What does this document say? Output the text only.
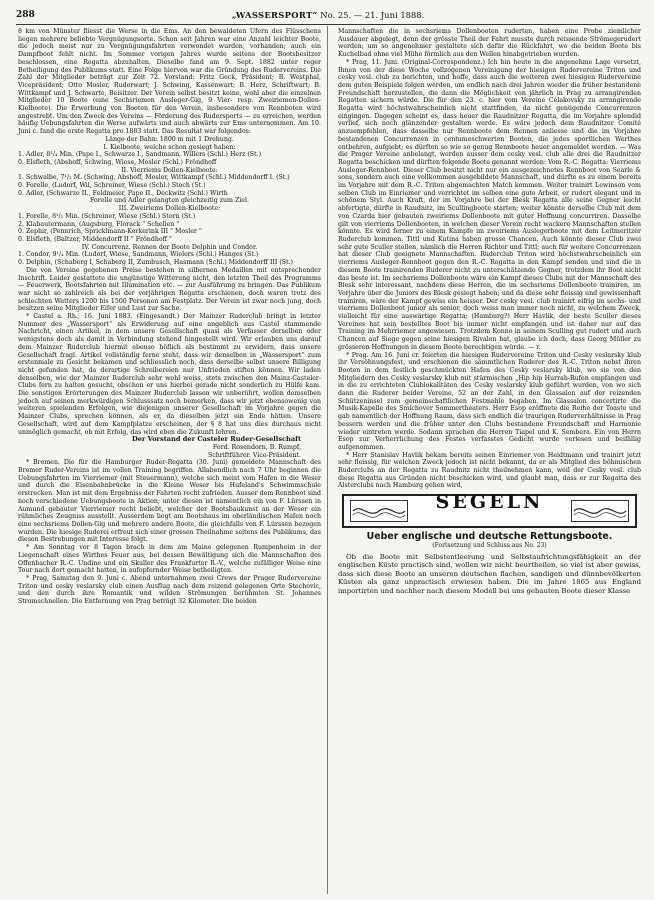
288	„WASSERSPORT“ No. 25. — 21. Juni 1888.

8 km von Münster fliesst die Werse in die Ems. An den bewaldeten Ufern des Flüsschens liegen mehrere beliebte Vergnügungsorte. Schon seit Jahren war eine Anzahl leichter Boote, die jedoch meist nur zu Vergnügungsfahrten verwendet wurden, vorhanden; auch ein Dampfboot fehlt nicht. Im Sommer vorigen Jahres wurde seitens der Bootsbesitzer beschlossen, eine Regatta abzuhalten. Dieselbe fand am 9. Sept. 1882 unter reger Betheiligung des Publikums statt. Eine Folge hiervon war die Gründung des Rudervereins. Die Zahl der Mitglieder beträgt zur Zeit 72. Vorstand: Fritz Geck, Präsident; B. Westphal, Vicepräsident; Otto Mosler, Ruderwart; J. Schwing, Kassenwart; B. Herz, Schriftwart; B. Wittkampf und J. Schwarte, Beisitzer. Der Verein selbst besitzt keine, wohl aber die einzelnen Mitglieder 10 Boote (eine Sechsriemen Ausleger-Gig, 9 Vier- resp. Zweiriemen-Dollen-Kielboote). Die Erwerbung von Booten für den Verein, insbesondere von Rennboten wird angestrebt. Um den Zweck des Vereins — Förderung des Rudersports — zu erreichen, werden häufig Uebungsfahrten die Werse aufwärts und auch abwärts zur Ems unternommen. Am 10. Juni c. fand die erste Regatta pro 1883 statt. Das Resultat war folgendes:

Länge der Bahn: 1800 m mit 1 Drehung.

I. Kielboote, welche schon gesiegt haben:

1. Adler, 8¹/₄ Min. (Pape I., Schwarze I., Sandmann, Willers (Schl.) Herz (St.)

0. Elsfleth, (Abshoff, Schwing, Wiese, Mosler (Schl.) Fröndhoff

II. Vierriems Dollen-Kielboote:

1. Schwalbe, 7¹/₂ M. (Schwing, Abshoff, Mosler, Wittkampf (Schl.) Middendorff I. (St.)

0. Forelle, (Ludorf, Wil, Schreiner, Wiese (Schl.) Stoch (St.)

0. Adler, (Schwarze II., Feldmeier, Pape II., Deckwitz (Schl.) Wirth

Forelle und Adler gelangten gleichzeitig zum Ziel.

III. Zweiriems Dollen-Kielboote:

1. Forelle, 8¹/₂ Min. (Schreiner, Wiese (Schl.) Storn (St.)

2. Klabautermann, (Augsburg, Florack " Schellen "

0. Zephir, (Pennrich, Spricklmann-Kerkerink III " Mosler "

0. Elsfleth, (Baltzer, Middendorff II " Fröndhoff "

IV. Concurrenz. Rennen der Boote Delphin und Condor.

1. Condor, 9¹/₄ Min. (Ludorf, Wiese, Sandmann, Wielers (Schl.) Hanges (St.)

0. Delphin, (Schaberg I, Schaberg II, Zumbusch, Hasmann (Schl.) Middendorff III (St.)

Die von Vereine gegebenen Preise bestehen in silbernen Medaillen mit entsprechender Inschrift. Leider gestattete die ungünstige Witterung nicht, den letzten Theil des Programms — Feuerwerk, Bootsfahrten mit Illumination etc. — zur Ausführung zu bringen. Das Publikum war nicht so zahlreich als bei der vorjährigen Regatta erschienen, doch waren trotz des schlechten Wetters 1200 bis 1500 Personen am Festplatz. Der Verein ist zwar noch jung, doch besitzen seine Mitglieder Eifer und Lust zur Sache.

* Castel a. Rh., 16. Juni 1883. (Eingesandt.) Der Mainzer Ruderclub bringt in letzter Nummer des „Wassersport“ als Erwiderung auf eine angeblich aus Castel stammende Nachricht, einen Artikel, in dem unsere Gesellschaft quasi als Verfasser derselben oder wenigstens doch als damit in Verbindung stehend hingestellt wird. Wir erlauben uns darauf dem Mainzer Ruderclub hiermit ebenso höflich als bestimmt zu erwidern, dass unsere Gesellschaft fragl. Artikel vollständig ferne steht, dass wir denselben in „Wassersport“ zum erstenmale zu Gesicht bekamen und schliesslich noch, dass derselbe selbst unsere Billigung nicht gefunden hat, da derartige Schreibereien nur Unfrieden stiften können. Wir laden denselben, wie der Mainzer Ruderclub sehr wohl weiss, stets zwischen den Mainz-Casteler-Clubs fern zu halten gesucht, obschon er uns hierbei gerade nicht sonderlich zu Hülfe kam. Die sonstigen Erörterungen des Mainzer Ruderclub lassen wir unberührt, wollen demselben jedoch auf seinen merkwürdigen Schlusssatz noch bemerken, dass wir jetzt ebensowenig von weiteren spielenden Erfolgen, wie diejenigen unserer Gesellschaft im Vorjahre gegen die Mainzer Clubs, sprechen können, als er, da dieselben jetzt ein Ende hätten. Unsere Gesellschaft, wird auf dem Kampfplatze erscheinen, der § 8 hat uns dies durchaus nicht unmöglich gemacht, ob mit Erfolg, das wird eben die Zukunft lehren.

Der Vorstand der Casteler Ruder-Gesellschaft

Ferd. Rosendorn, B. Rumpf,

Schriftführer. Vice-Präsident.

* Bremen. Die für die Hamburger Ruder-Regatta (30. Juni) gemeldete Mannschaft des Bremer Ruder-Vereins ist im vollen Training begriffen. Allabendlich nach 7 Uhr beginnen die Uebungsfahrten im Vierriemer (mit Steuermann), welche sich meist vom Hafen in die Weser und durch die Eisenbahnbrücke in die Kleine Weser bis Hufeland's Schwimmschule erstrecken. Man ist mit dem Ergebniss der Fahrten recht zufrieden. Ausser dem Rennboot sind noch verschiedene Uebungsboote in Aktion; unter diesen ist namentlich ein von F. Lürssen in Aumund gebauter Vierriemer recht beliebt, welcher der Bootsbaukunst an der Weser ein rühmliches Zeugniss ausstellt. Ausserdem liegt am Bootshaus im oberländischen Hafen noch eine sechsriems Dollen-Gig und mehrere andere Boote, die gleichfalls von F. Lürssen bezogen wurden. Die hiesige Ruderei erfreut sich einer grossen Theilnahme seitens des Publikums, das diesen Bestrebungen mit Interesse folgt.

* Am Sonntag vor 8 Tagen brach in dem am Maine gelegenen Rumpenheim in der Liegenschaft eines Wirthes Feuer aus, bei dessen Bewältigung sich die Mannschaften des Offenbacher R.-C. Undine und ein Skuller des Frankfurter R.-V., welche zufälliger Weise eine Tour nach dort gemacht hatten, in aufopfernder Weise betheiligten.

* Prag, Samstag den 9. Juni c. Abend unternahmen zwei Crews der Prager Rudervereine Triton und cesky veslarsky club einen Ausflug nach dem reizend gelegenen Orte Stechovic, und den durch ihre Romantik und wilden Strömungen berühmten St. Johannes Stromschnellen. Die Entfernung von Prag beträgt 32 Kilometer. Die beiden

Mannschaften die in sechsriems Dollenbooten ruderten, haben eine Probe ziemlicher Ausdauer abgelegt, denn der grösste Theil der Fahrt musste durch reissende Strömegerudert werden; um so angenehmer gestaltete sich dafür die Rückfahrt, wo die beiden Boote bis Kuchelbad ohne viel Mühe förmlich aus den Wellen hinabgetrieben wurden.

* Prag, 11. Juni. (Original-Correspondenz.) Ich bin heute in die angenehme Lage versetzt, Ihnen von der diese Woche vollzogenen Vereinigung der hiesigen Rudervereine Triton und cesky vesl. club zu berichten, und hoffe, dass auch die weiteren zwei hiesigen Rudervereine dem guten Beispiele folgen werden, um endlich nach drei Jahren wieder die früher bestandene Freundschaft herzustellen, die dann die Möglichkeit von jährlich in Prag zu arrangirenden Regatten sichern würde. Die für den 23. c. hier vom Vereine Célakovsky zu arrangirende Regatta wird höchstwahrscheinlich nicht stattfinden, da nicht genügende Concurrenzen eingingen. Dagegen scheint es, dass heuer die Raudnitzer Regatta, die im Vorjahre splendid verlief, sich noch glänzender gestalten werde. Es wäre jedoch dem Raudnitzer Comité anzuempfehlen, dass dasselbe nur Rennboote dem Rennen anliesse und die im Vorjahre bestandenen Concurrenzen in centumeschwerten Booten, die jedes sportlichen Werthes entbehren, aufgiebt; es dürften so wie so genug Rennboote heuer angemeldet werden. — Was die Prager Vereine anbelangt, werden ausser dem cesky vesl. club alle drei die Raudnitzer Regatta beschicken und dürften folgende Boote genannt werden: Vom R.-C. Regatta: Vierriems Ausleger-Rennboot. Dieser Club besitzt nicht nur ein ausgezeichnetes Rennboot von Searle & sons, sondern auch eine vollkommen ausgebildete Mannschaft, und dürfte es zu einem bereits im Vorjahre mit dem R.-C. Triton abgemachten Match kommen. Weiter trainirt Lewinson vom selben Club im Einriemer und verrichtet im selben eine gute Arbeit, er rudert elegant und in schönem Styl. Auch Kraft, der im Vorjahre bei der Blesk Regatta alle seine Gegner leicht abfertigte, dürfte in Raudnitz, im Scullingboote starten; weiter könnte derselbe Club mit dem von Czarda hier gebauten zweiriems Dollenboote mit guter Hoffnung concurriren. Dasselbe gilt von vierriems Dollenbooten, in welchen dieser Verein recht wackere Mannschaften stellen könnte. Es wird ferner zu einem Kampfe im zweiriems Auslegerboote mit dem Leitmeritzer Ruderclub kommen. Tittl und Kutina haben grosse Chancen. Auch könnte dieser Club zwei sehr gute Sculler stellen, nämlich die Herren Richter und Tittl; auch für weitere Concurrenzen hat dieser Club geeignete Mannschaften. Ruderclub Triton wird höchstwahrscheinlich ein vierriems Ausleger-Rennboot gegen den R.-C. Regatta in den Kampf senden und sind die in diesem Boote trainirenden Ruderer nicht zu unterschätzende Gegner, trotzdem ihr Boot nicht das beste ist. Im sechsriems Dollenboote wäre ein Kampf dieses Clubs mit der Mannschaft des Blesk sehr interessant, nachdem diese Herren, die im sechsriems Dollenboote trainiren, im Vorjahre über die Juniors des Blesk gesiegt haben; und da diese sehr fleissig und gewissenhaft trainiren, wäre der Kampf gewiss ein heisser. Der cesky vesl. club trainirt eifrig im sechs- und vierriems Dollenboot junior als senior, doch weiss man immer noch nicht, zu welchem Zweck, vielleicht für eine auswärtige Regatta; (Hamburg?) Herr Havlik, der beste Sculler dieses Vereines hat sein bestelltes Boot bis immer nicht empfangen und ist daher nur auf das Training im Mehrriemer angewiesen. Trotzdem Konno in seinem Sculling gut rudert und auch Chancen auf Siege gegen seine hiesigen Rivalen hat, glaube ich doch, dass Georg Müller zu grösseren Hoffnungen in diesem Boote berechtigen würde. — r.

* Prag. Am 16. Juni cr. feierten die hiesigen Rudervereine Triton und Cesky veslarsky klub ihr Versöhnungsfest, und erschienen die sämmtlichen Ruderer des R.-C. Triton nebst ihren Booten in dem festlich geschmückten Hafen des Cesky veslarsky klub, wo sie von den Mitgliedern des Cesky veslarsky klub mit stürmischen „Hip hip Hurrah-Rufen empfangen und in die zu errichteten Clublokalitäten des Cesky veslarsky klub geführt wurden, von wo sich dann die Ruderer beider Vereine, 52 an der Zahl, in den Glassalon auf der reizenden Schützeninsel zum gemeinschaftlichen Festmahle begaben. Im Glassalon concertirte die Musik-Kapelle des Smichover Sommertheaters. Herr Esop eröffnete die Reihe der Toaste und gab namentlich der Hoffnung Raum, dass sich endlich die traurigen Ruderverhältnisse in Prag bessern werden und die früher unter den Clubs bestandene Freundschaft und Harmonie wieder eintreten werde. Sodann sprachen die Herren Tiapel und K. Sembera. Ein von Herrn Esop zur Verherrlichung des Festes verfasstes Gedicht wurde verlesen und beifällig aufgenommen.

* Herr Stanislav Havlik bekam bereits seinen Einriemer von Heidtmann und trainirt jetzt sehr fleissig, für welchen Zweck jedoch ist nicht bekannt, da er als Mitglied des böhmischen Ruderclubs an der Regatta zu Raudnitz nicht theilnehmen kann, weil der Cesky vesl. club diese Regatta aus Gründen nicht beschicken wird, und glaubt man, dass er zur Regatta des Alsterclubs nach Hamburg gehen wird,

SEGELN
Ueber englische und deutsche Rettungsboote.
(Fortsetzung und Schluss aus No. 23)

Ob die Boote mit Selbstentleerung und Selbstaufrichtungsfähigkeit an der englischen Küste practisch sind, wollen wir nicht beurtheilen, so viel ist aber gewiss, dass sich diese Boote an unseren deutschen flachen, sandigen und dünnbevölkerten Küsten als ganz unpractisch erwiesen haben. Die im Jahre 1865 aus England importirten und nachher nach diesem Modell bei uns gebauten Boote dieser Klasse
